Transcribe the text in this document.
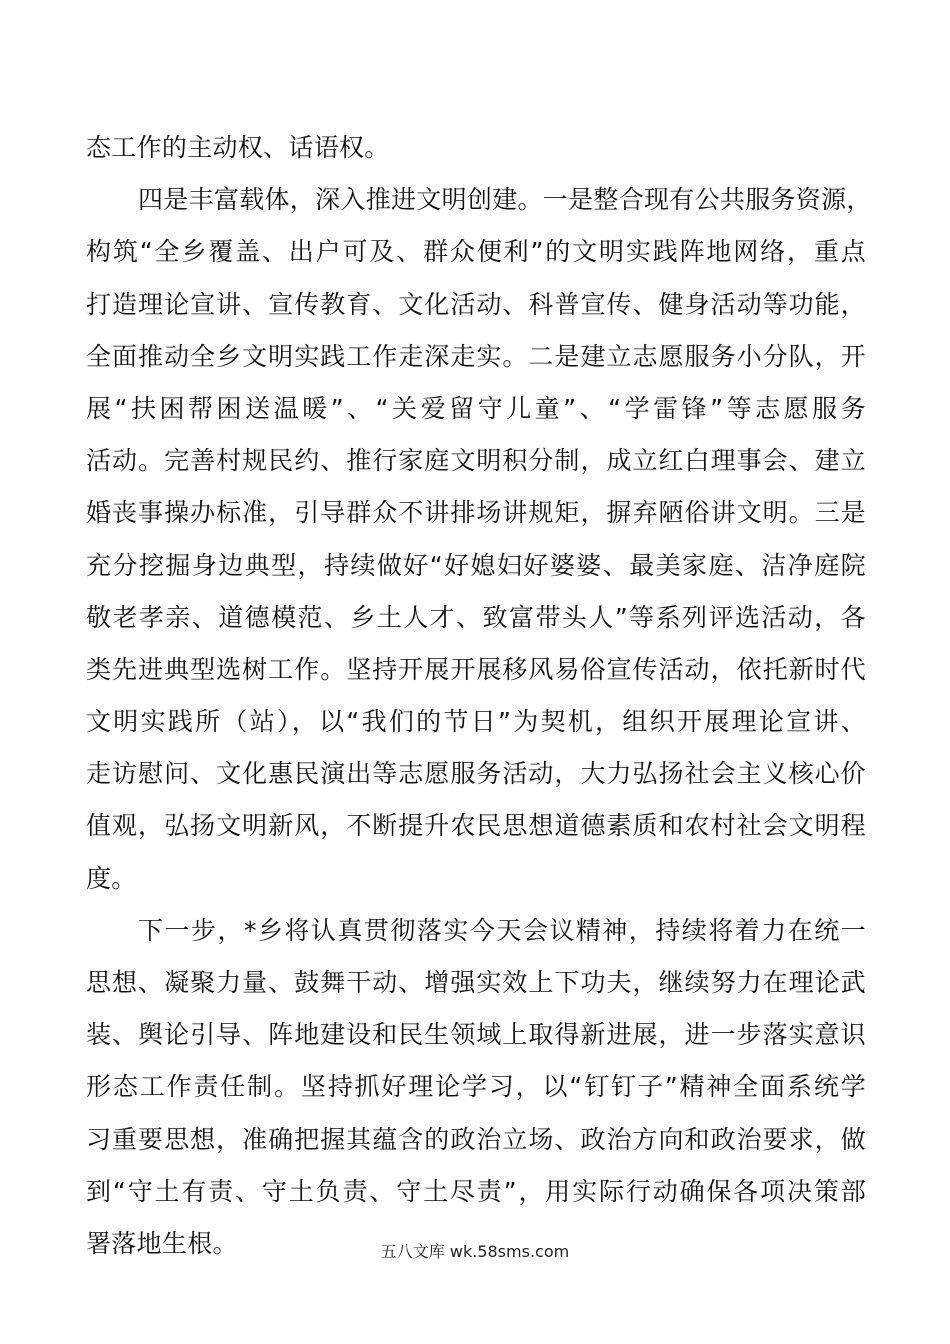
态工作的主动权、话语权。
四是丰富载体，深入推进文明创建。一是整合现有公共服务资源，
构筑“全乡覆盖、出户可及、群众便利”的文明实践阵地网络，重点
打造理论宣讲、宣传教育、文化活动、科普宣传、健身活动等功能，
全面推动全乡文明实践工作走深走实。二是建立志愿服务小分队，开
展“扶困帮困送温暖”、“关爱留守儿童”、“学雷锋”等志愿服务
活动。完善村规民约、推行家庭文明积分制，成立红白理事会、建立
婚丧事操办标准，引导群众不讲排场讲规矩，摒弃陋俗讲文明。三是
充分挖掘身边典型，持续做好“好媳妇好婆婆、最美家庭、洁净庭院
敬老孝亲、道德模范、乡土人才、致富带头人”等系列评选活动，各
类先进典型选树工作。坚持开展开展移风易俗宣传活动，依托新时代
文明实践所（站），以“我们的节日”为契机，组织开展理论宣讲、
走访慰问、文化惠民演出等志愿服务活动，大力弘扬社会主义核心价
值观，弘扬文明新风，不断提升农民思想道德素质和农村社会文明程
度。
下一步，*乡将认真贯彻落实今天会议精神，持续将着力在统一
思想、凝聚力量、鼓舞干动、增强实效上下功夫，继续努力在理论武
装、舆论引导、阵地建设和民生领域上取得新进展，进一步落实意识
形态工作责任制。坚持抓好理论学习，以“钉钉子”精神全面系统学
习重要思想，准确把握其蕴含的政治立场、政治方向和政治要求，做
到“守土有责、守土负责、守土尽责”，用实际行动确保各项决策部
署落地生根。	五八文库 wk.58sms.com
